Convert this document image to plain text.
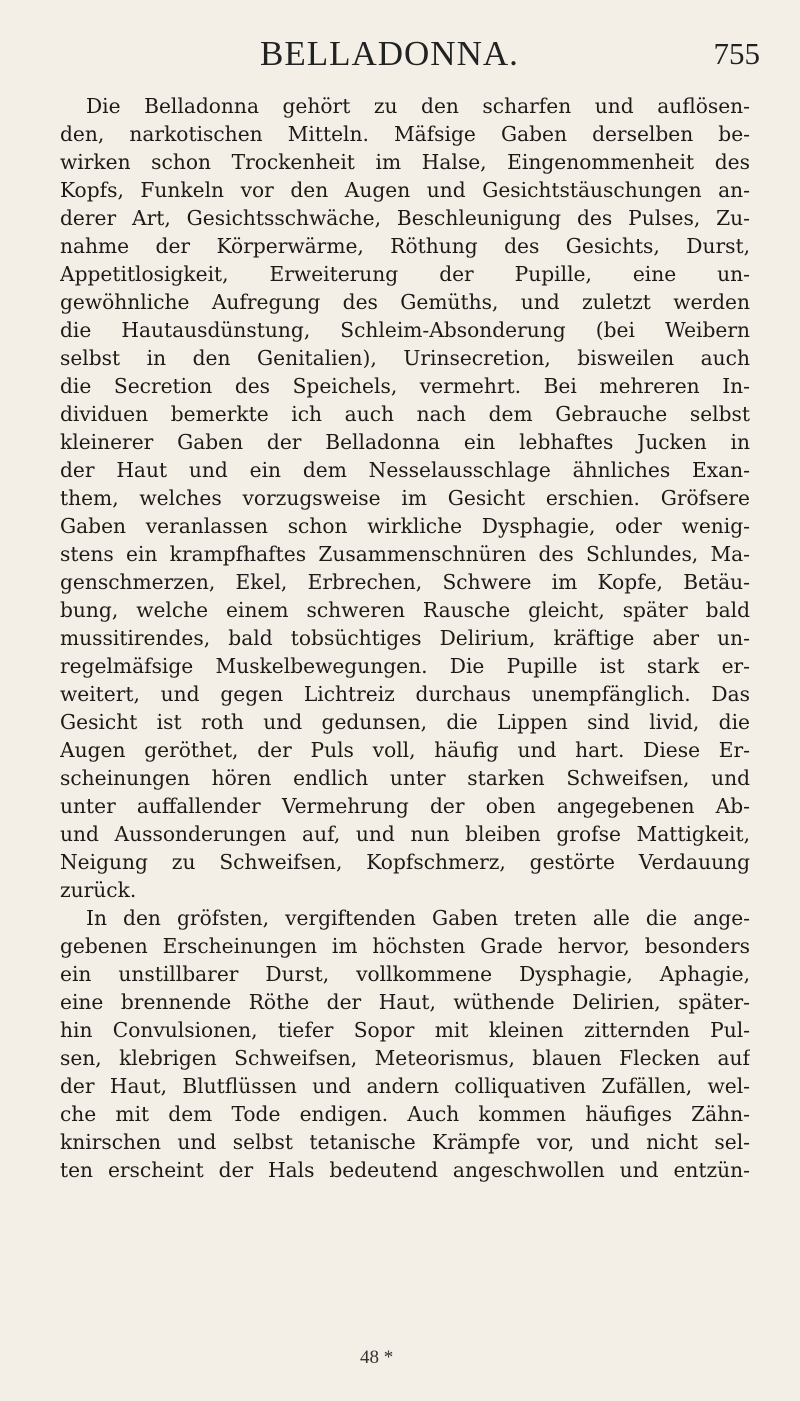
BELLADONNA.	755
Die Belladonna gehört zu den scharfen und auflösen-
den, narkotischen Mitteln. Mäfsige Gaben derselben be-
wirken schon Trockenheit im Halse, Eingenommenheit des
Kopfs, Funkeln vor den Augen und Gesichtstäuschungen an-
derer Art, Gesichtsschwäche, Beschleunigung des Pulses, Zu-
nahme der Körperwärme, Röthung des Gesichts, Durst,
Appetitlosigkeit, Erweiterung der Pupille, eine un-
gewöhnliche Aufregung des Gemüths, und zuletzt werden
die Hautausdünstung, Schleim-Absonderung (bei Weibern
selbst in den Genitalien), Urinsecretion, bisweilen auch
die Secretion des Speichels, vermehrt. Bei mehreren In-
dividuen bemerkte ich auch nach dem Gebrauche selbst
kleinerer Gaben der Belladonna ein lebhaftes Jucken in
der Haut und ein dem Nesselausschlage ähnliches Exan-
them, welches vorzugsweise im Gesicht erschien. Gröfsere
Gaben veranlassen schon wirkliche Dysphagie, oder wenig-
stens ein krampfhaftes Zusammenschnüren des Schlundes, Ma-
genschmerzen, Ekel, Erbrechen, Schwere im Kopfe, Betäu-
bung, welche einem schweren Rausche gleicht, später bald
mussitirendes, bald tobsüchtiges Delirium, kräftige aber un-
regelmäfsige Muskelbewegungen. Die Pupille ist stark er-
weitert, und gegen Lichtreiz durchaus unempfänglich. Das
Gesicht ist roth und gedunsen, die Lippen sind livid, die
Augen geröthet, der Puls voll, häufig und hart. Diese Er-
scheinungen hören endlich unter starken Schweifsen, und
unter auffallender Vermehrung der oben angegebenen Ab-
und Aussonderungen auf, und nun bleiben grofse Mattigkeit,
Neigung zu Schweifsen, Kopfschmerz, gestörte Verdauung
zurück.
In den gröfsten, vergiftenden Gaben treten alle die ange-
gebenen Erscheinungen im höchsten Grade hervor, besonders
ein unstillbarer Durst, vollkommene Dysphagie, Aphagie,
eine brennende Röthe der Haut, wüthende Delirien, später-
hin Convulsionen, tiefer Sopor mit kleinen zitternden Pul-
sen, klebrigen Schweifsen, Meteorismus, blauen Flecken auf
der Haut, Blutflüssen und andern colliquativen Zufällen, wel-
che mit dem Tode endigen. Auch kommen häufiges Zähn-
knirschen und selbst tetanische Krämpfe vor, und nicht sel-
ten erscheint der Hals bedeutend angeschwollen und entzün-
48 *
